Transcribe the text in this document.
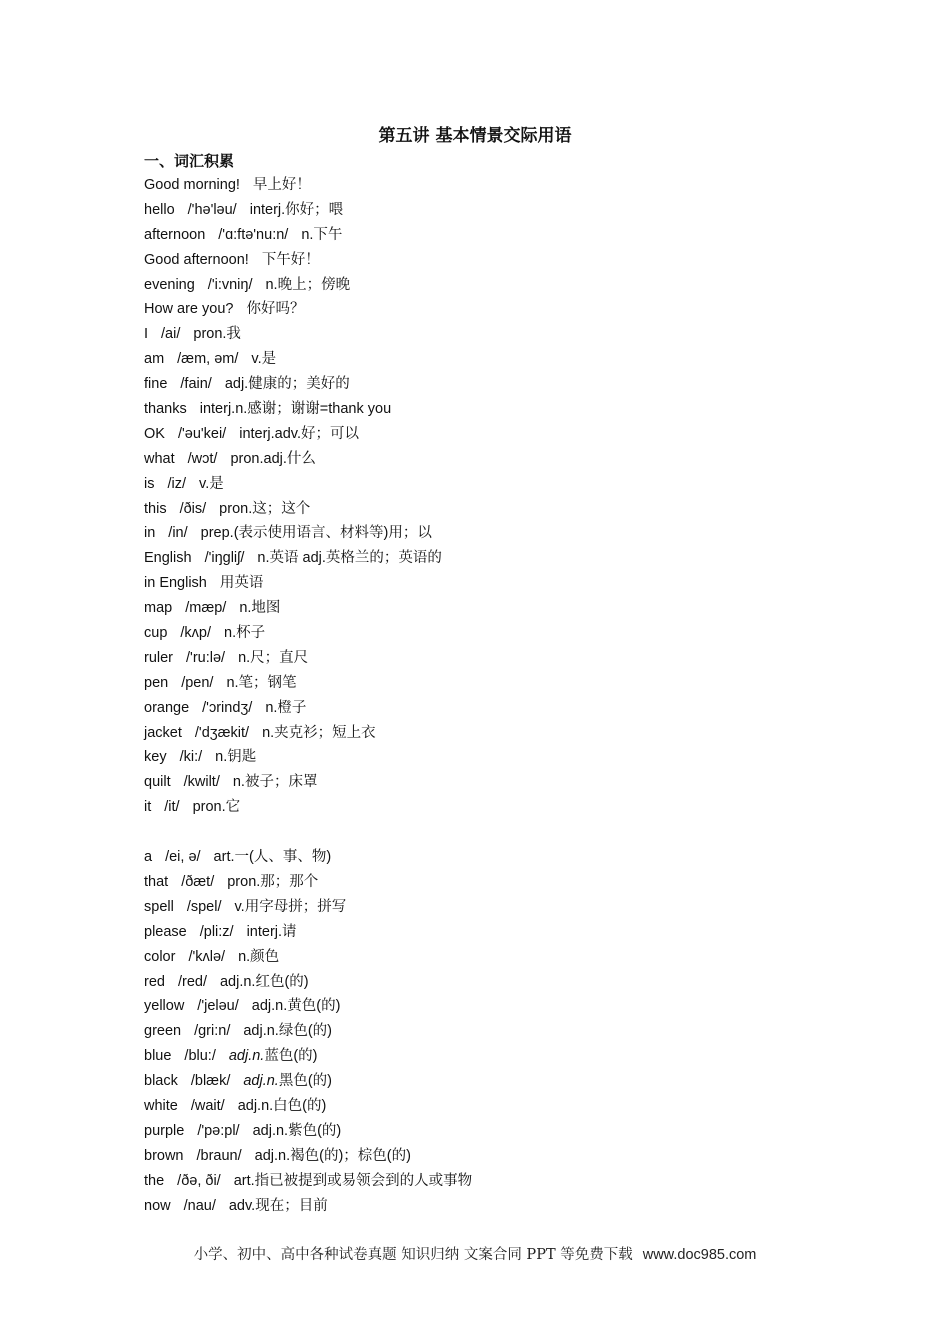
第五讲 基本情景交际用语
一、词汇积累
Good morning! 早上好！
hello /'hə'ləu/ interj.你好；喂
afternoon /'ɑ:ftə'nu:n/ n.下午
Good afternoon! 下午好！
evening /'i:vniŋ/ n.晚上；傍晚
How are you? 你好吗？
I /ai/ pron.我
am /æm, əm/ v.是
fine /fain/ adj.健康的；美好的
thanks interj.n.感谢；谢谢=thank you
OK /'əu'kei/ interj.adv.好；可以
what /wɔt/ pron.adj.什么
is /iz/ v.是
this /ðis/ pron.这；这个
in /in/ prep.(表示使用语言、材料等)用；以
English /'iŋgliʃ/ n.英语 adj.英格兰的；英语的
in English 用英语
map /mæp/ n.地图
cup /kʌp/ n.杯子
ruler /'ru:lə/ n.尺；直尺
pen /pen/ n.笔；钢笔
orange /'ɔrindʒ/ n.橙子
jacket /'dʒækit/ n.夹克衫；短上衣
key /ki:/ n.钥匙
quilt /kwilt/ n.被子；床罩
it /it/ pron.它
a /ei, ə/ art.一(人、事、物)
that /ðæt/ pron.那；那个
spell /spel/ v.用字母拼；拼写
please /pli:z/ interj.请
color /'kʌlə/ n.颜色
red /red/ adj.n.红色(的)
yellow /'jeləu/ adj.n.黄色(的)
green /gri:n/ adj.n.绿色(的)
blue /blu:/ adj.n.蓝色(的)
black /blæk/ adj.n.黑色(的)
white /wait/ adj.n.白色(的)
purple /'pə:pl/ adj.n.紫色(的)
brown /braun/ adj.n.褐色(的)；棕色(的)
the /ðə, ði/ art.指已被提到或易领会到的人或事物
now /nau/ adv.现在；目前
小学、初中、高中各种试卷真题 知识归纳 文案合同 PPT 等免费下载 www.doc985.com
